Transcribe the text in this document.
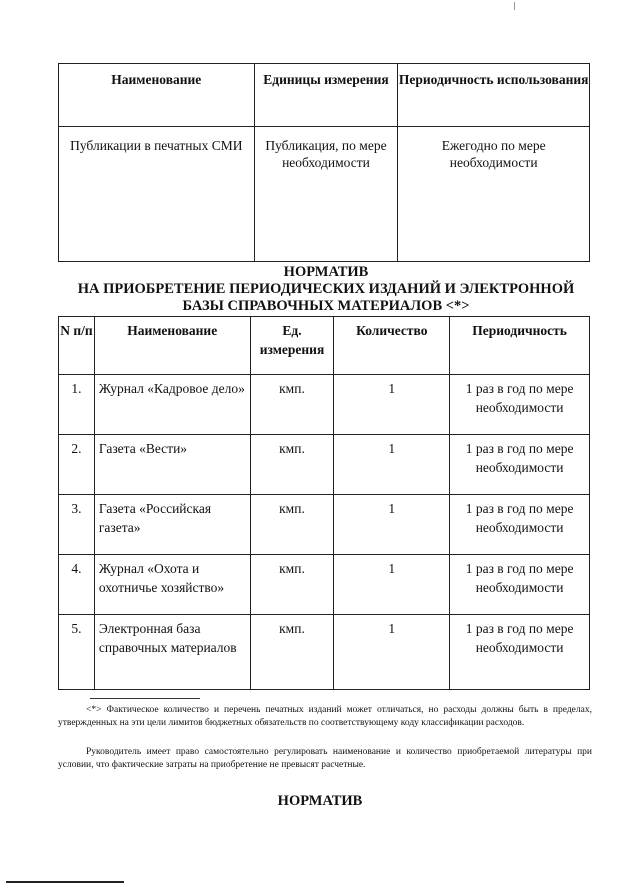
Наименование	Единицы измерения	Периодичность использования
Публикации в печатных СМИ	Публикация, по мере необходимости	Ежегодно по мере необходимости
НОРМАТИВ
НА ПРИОБРЕТЕНИЕ ПЕРИОДИЧЕСКИХ ИЗДАНИЙ И ЭЛЕКТРОННОЙ
БАЗЫ СПРАВОЧНЫХ МАТЕРИАЛОВ <*>
N п/п	Наименование	Ед. измерения	Количество	Периодичность
1.	Журнал «Кадровое дело»	кмп.	1	1 раз в год по мере необходимости
2.	Газета «Вести»	кмп.	1	1 раз в год по мере необходимости
3.	Газета «Российская газета»	кмп.	1	1 раз в год по мере необходимости
4.	Журнал «Охота и охотничье хозяйство»	кмп.	1	1 раз в год по мере необходимости
5.	Электронная база справочных материалов	кмп.	1	1 раз в год по мере необходимости
<*> Фактическое количество и перечень печатных изданий может отличаться, но расходы должны быть в пределах, утвержденных на эти цели лимитов бюджетных обязательств по соответствующему коду классификации расходов.
Руководитель имеет право самостоятельно регулировать наименование и количество приобретаемой литературы при условии, что фактические затраты на приобретение не превысят расчетные.
НОРМАТИВ
